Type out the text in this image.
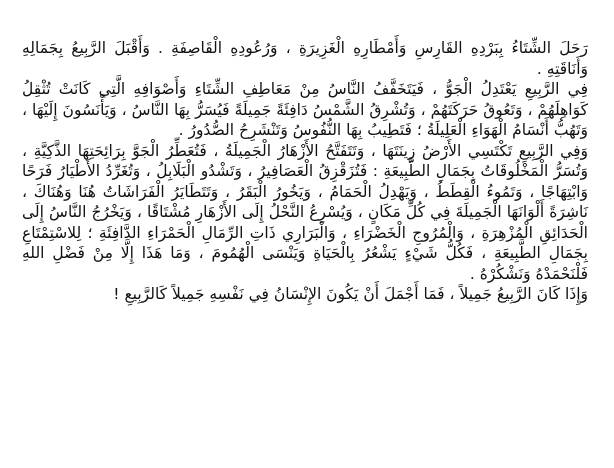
رَحَلَ الشِّتَاءُ بِبَرْدِهِ القَارِسِ وَأَمْطَارِهِ الْغَزِيرَةِ ، وَرُعُودِهِ الْقَاصِفَةِ . وَأَقْبَلَ الرَّبِيعُ بِجَمَالِهِ وَأَنَاقَتِهِ .

فِي الرَّبِيعِ يَعْتَدِلُ الْجَوُّ ، فَيَتَخَفَّفُ النَّاسُ مِنْ مَعَاطِفِ الشِّتَاءِ وَأَصْوَافِهِ الَّتِي كَانَتْ تُثْقِلُ كَوَاهِلَهُمْ ، وَتَعُوقُ حَرَكَتَهُمْ ، وَتُشْرِقُ الشَّمْسُ دَافِئَةً جَمِيلَةً فَيُسَرُّ بِهَا النَّاسُ ، وَيَأْنَسُونَ إِلَيْهَا ، وَتَهُبُّ أَنْسَامُ الْهَوَاءِ الْعَلِيلَةُ ؛ فَتَطِيبُ بِهَا النُّفُوسُ وَتَنْشَرِحُ الصُّدُورُ .

وَفِي الرَّبِيعِ تَكْتَسِي الأَرْضُ زِينَتَهَا ، وَتَتَفَتَّحُ الأَزْهَارُ الْجَمِيلَةُ ، فَتُعَطِّرُ الْجَوَّ بِرَائِحَتِهَا الذَّكِيَّةِ ، وَتُسَرُّ الْمَخْلُوقَاتُ بِجَمَالِ الطَّبِيعَةِ : فَتُزَقْزِقُ الْعَصَافِيرُ ، وَتَشْدُو الْبَلَابِلُ ، وَتُغَرِّدُ الأَطْيَارُ فَرَحًا وَابْتِهَاجًا ، وَتَمُوءُ الْقِطَطُ ، وَيَهْدِلُ الْحَمَامُ ، وَيَخُورُ الْبَقَرُ ، وَتَتَطَايَرُ الْفَرَاشَاتُ هُنَا وَهُنَاكَ ، نَاشِرَةً أَلْوَانَهَا الْجَمِيلَةَ فِي كُلِّ مَكَانٍ ، وَيُسْرِعُ النَّحْلُ إِلَى الأَزْهَارِ مُشْتَاقًا ، وَيَخْرُجُ النَّاسُ إِلَى الْحَدَائِقِ الْمُزْهِرَةِ ، وَالْمُرُوجِ الْخَضْرَاءِ ، وَالْبَرَارِي ذَاتِ الرِّمَالِ الْحَمْرَاءِ الدَّافِئَةِ ؛ لِلاسْتِمْتَاعِ بِجَمَالِ الطَّبِيعَةِ ، فَكُلُّ شَيْءٍ يَشْعُرُ بِالْحَيَاةِ وَيَنْسَى الْهُمُومَ ، وَمَا هَذَا إِلَّا مِنْ فَضْلِ اللهِ فَلْنَحْمَدْهُ وَنَشْكُرْهُ .

وَإِذَا كَانَ الرَّبِيعُ جَمِيلاً ، فَمَا أَجْمَلَ أَنْ يَكُونَ الإِنْسَانُ فِي نَفْسِهِ جَمِيلاً كَالرَّبِيعِ !
